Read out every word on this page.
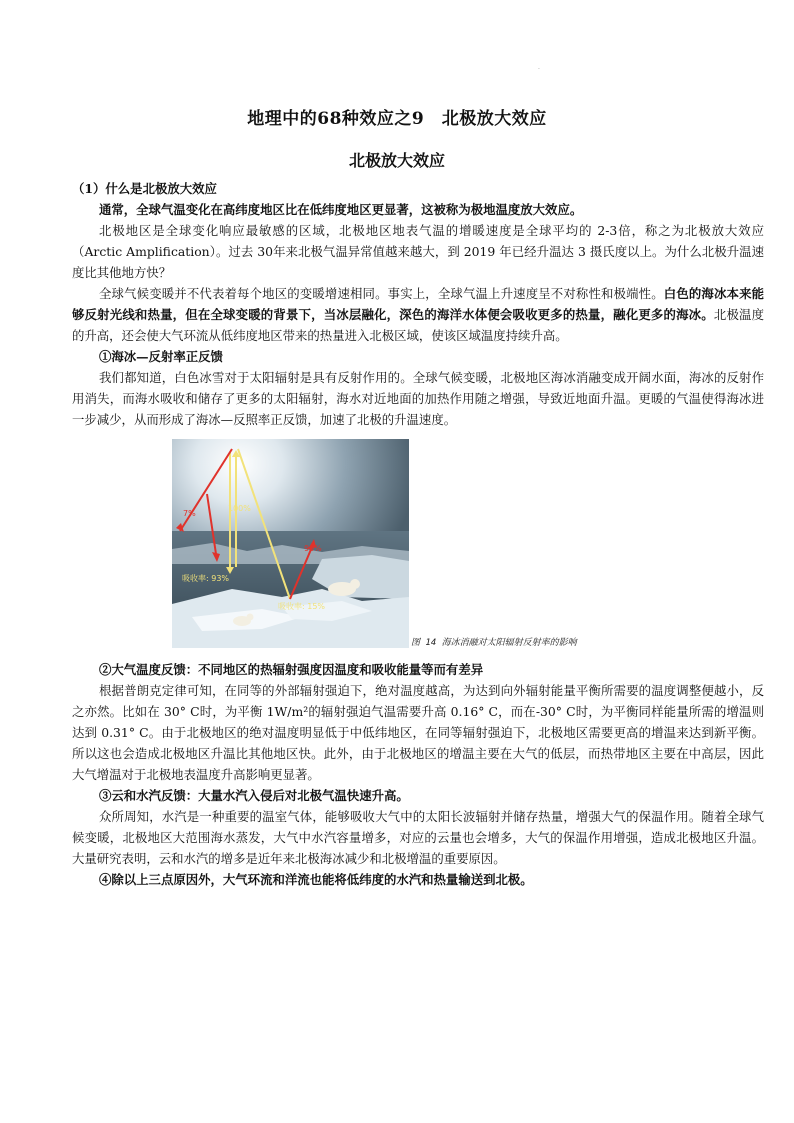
.
地理中的68种效应之9　北极放大效应
北极放大效应

（1）什么是北极放大效应

通常，全球气温变化在高纬度地区比在低纬度地区更显著，这被称为极地温度放大效应。

北极地区是全球变化响应最敏感的区域，北极地区地表气温的增暖速度是全球平均的 2-3倍，称之为北极放大效应（Arctic Amplification）。过去 30年来北极气温异常值越来越大，到 2019 年已经升温达 3 摄氏度以上。为什么北极升温速度比其他地方快？

全球气候变暖并不代表着每个地区的变暖增速相同。事实上，全球气温上升速度呈不对称性和极端性。白色的海冰本来能够反射光线和热量，但在全球变暖的背景下，当冰层融化，深色的海洋水体便会吸收更多的热量，融化更多的海冰。北极温度的升高，还会使大气环流从低纬度地区带来的热量进入北极区域，使该区域温度持续升高。

①海冰—反射率正反馈

我们都知道，白色冰雪对于太阳辐射是具有反射作用的。全球气候变暖，北极地区海冰消融变成开阔水面，海冰的反射作用消失，而海水吸收和储存了更多的太阳辐射，海水对近地面的加热作用随之增强，导致近地面升温。更暖的气温使得海冰进一步减少，从而形成了海冰—反照率正反馈，加速了北极的升温速度。

7%
100%
90%
吸收率: 93%
吸收率: 15%
图 14 海冰消融对太阳辐射反射率的影响

②大气温度反馈：不同地区的热辐射强度因温度和吸收能量等而有差异

根据普朗克定律可知，在同等的外部辐射强迫下，绝对温度越高，为达到向外辐射能量平衡所需要的温度调整便越小，反之亦然。比如在 30° C时，为平衡 1W/m²的辐射强迫气温需要升高 0.16° C，而在-30° C时，为平衡同样能量所需的增温则达到 0.31° C。由于北极地区的绝对温度明显低于中低纬地区，在同等辐射强迫下，北极地区需要更高的增温来达到新平衡。所以这也会造成北极地区升温比其他地区快。此外，由于北极地区的增温主要在大气的低层，而热带地区主要在中高层，因此大气增温对于北极地表温度升高影响更显著。

③云和水汽反馈：大量水汽入侵后对北极气温快速升高。

众所周知，水汽是一种重要的温室气体，能够吸收大气中的太阳长波辐射并储存热量，增强大气的保温作用。随着全球气候变暖，北极地区大范围海水蒸发，大气中水汽容量增多，对应的云量也会增多，大气的保温作用增强，造成北极地区升温。大量研究表明，云和水汽的增多是近年来北极海冰减少和北极增温的重要原因。

④除以上三点原因外，大气环流和洋流也能将低纬度的水汽和热量输送到北极。
